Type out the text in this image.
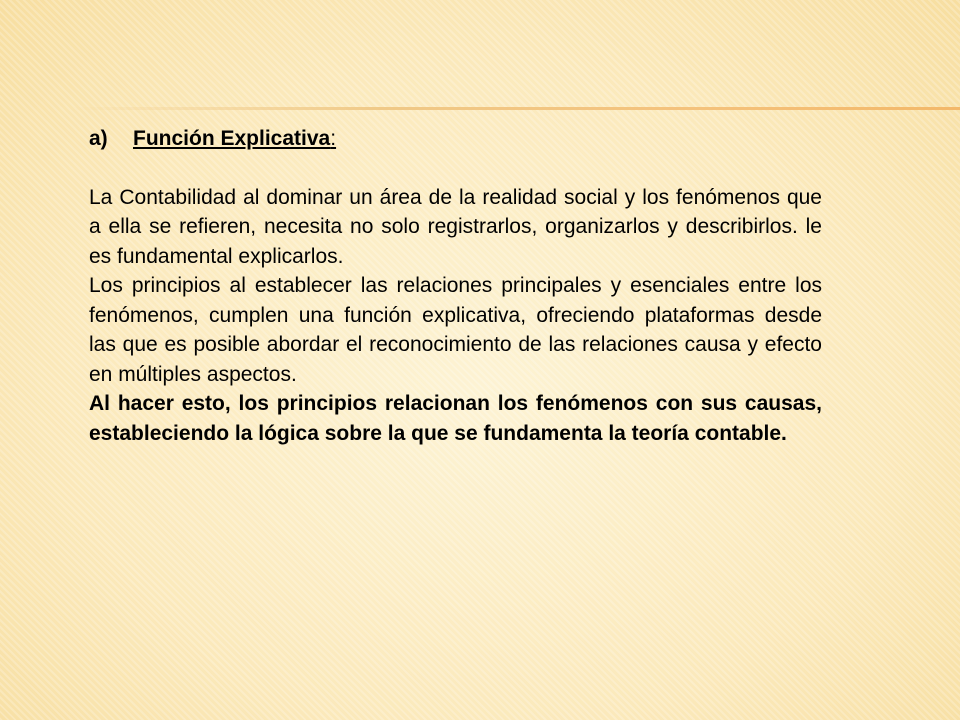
a)	Función Explicativa :

La Contabilidad al dominar un área de la realidad social y los fenómenos que a ella se refieren, necesita no solo registrarlos, organizarlos y describirlos. le es fundamental explicarlos.

Los principios al establecer las relaciones principales y esenciales entre los fenómenos, cumplen una función explicativa, ofreciendo plataformas desde las que es posible abordar el reconocimiento de las relaciones causa y efecto en múltiples aspectos.

Al hacer esto, los principios relacionan los fenómenos con sus causas, estableciendo la lógica sobre la que se fundamenta la teoría contable.
